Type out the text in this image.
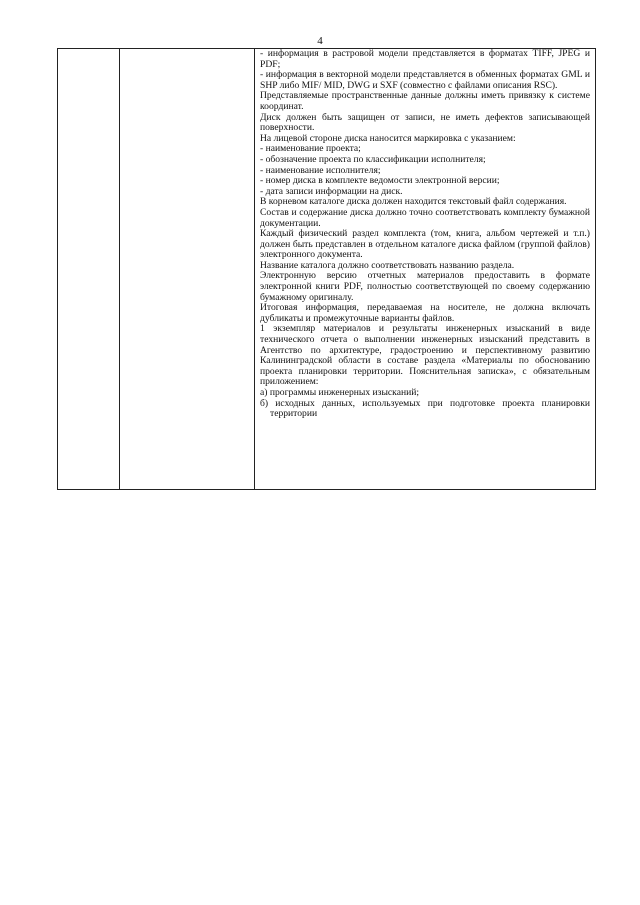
4

- информация в растровой модели представляется в форматах TIFF, JPEG и PDF;

- информация в векторной модели представляется в обменных форматах GML и SHP либо MIF/ MID, DWG и SXF (совместно с файлами описания RSC).

Представляемые пространственные данные должны иметь привязку к системе координат.

Диск должен быть защищен от записи, не иметь дефектов записывающей поверхности.

На лицевой стороне диска наносится маркировка с указанием:

- наименование проекта;

- обозначение проекта по классификации исполнителя;

- наименование исполнителя;

- номер диска в комплекте ведомости электронной версии;

- дата записи информации на диск.

В корневом каталоге диска должен находится текстовый файл содержания.

Состав и содержание диска должно точно соответствовать комплекту бумажной документации.

Каждый физический раздел комплекта (том, книга, альбом чертежей и т.п.) должен быть представлен в отдельном каталоге диска файлом (группой файлов) электронного документа.

Название каталога должно соответствовать названию раздела.

Электронную версию отчетных материалов предоставить в формате электронной книги PDF, полностью соответствующей по своему содержанию бумажному оригиналу.

Итоговая информация, передаваемая на носителе, не должна включать дубликаты и промежуточные варианты файлов.

1 экземпляр материалов и результаты инженерных изысканий в виде технического отчета о выполнении инженерных изысканий представить в Агентство по архитектуре, градостроению и перспективному развитию Калининградской области в составе раздела «Материалы по обоснованию проекта планировки территории. Пояснительная записка», с обязательным приложением:

а) программы инженерных изысканий;

б) исходных данных, используемых при подготовке проекта планировки территории
